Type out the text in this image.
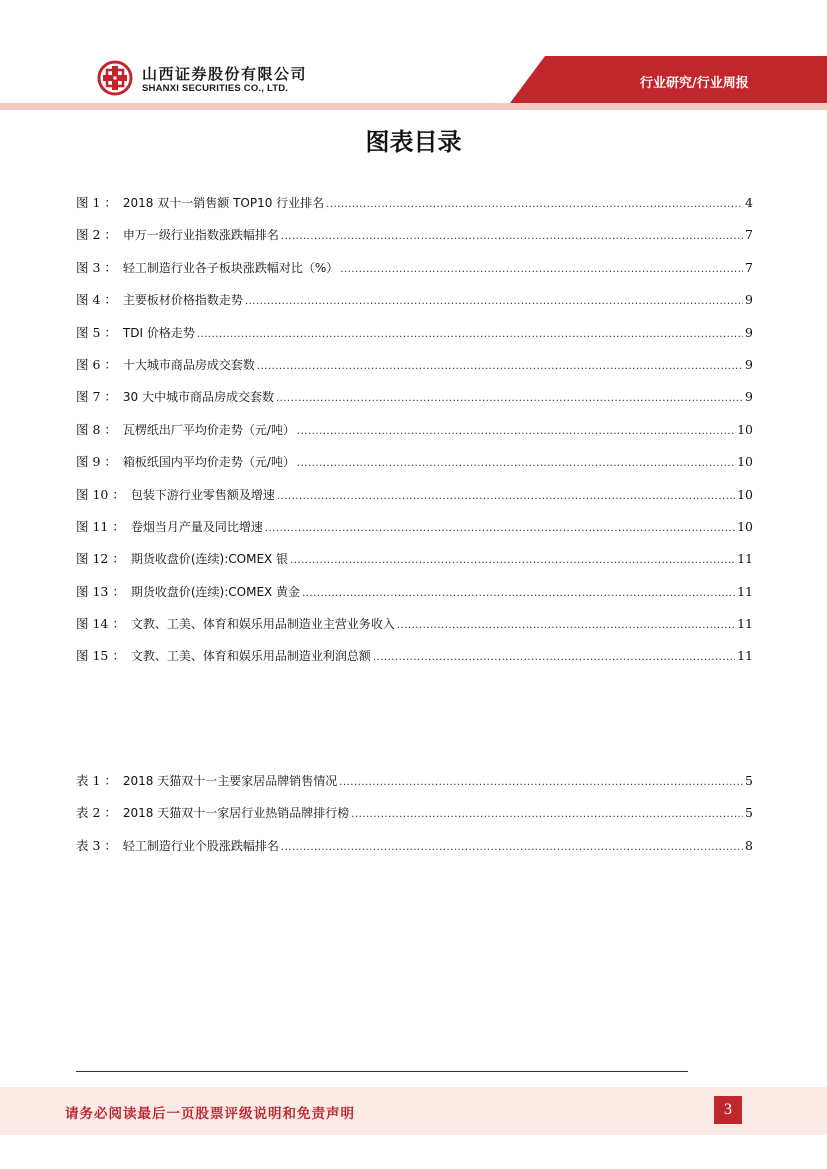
山西证券股份有限公司
SHANXI SECURITIES CO., LTD.	行业研究/行业周报
图表目录
图 1 ： 2018 双十一销售额 TOP10 行业排名 .....	4
图 2 ： 申万一级行业指数涨跌幅排名 .....	7
图 3 ： 轻工制造行业各子板块涨跌幅对比（%） .....	7
图 4 ： 主要板材价格指数走势 .....	9
图 5 ： TDI 价格走势 .....	9
图 6 ： 十大城市商品房成交套数 .....	9
图 7 ： 30 大中城市商品房成交套数 .....	9
图 8 ： 瓦楞纸出厂平均价走势（元/吨） .....	10
图 9 ： 箱板纸国内平均价走势（元/吨） .....	10
图 10 ： 包装下游行业零售额及增速 .....	10
图 11 ： 卷烟当月产量及同比增速 .....	10
图 12 ： 期货收盘价(连续):COMEX 银 .....	11
图 13 ： 期货收盘价(连续):COMEX 黄金 .....	11
图 14 ： 文教、工美、体育和娱乐用品制造业主营业务收入 .....	11
图 15 ： 文教、工美、体育和娱乐用品制造业利润总额 .....	11
表 1 ： 2018 天猫双十一主要家居品牌销售情况 .....	5
表 2 ： 2018 天猫双十一家居行业热销品牌排行榜 .....	5
表 3 ： 轻工制造行业个股涨跌幅排名 .....	8
请务必阅读最后一页股票评级说明和免责声明	3
